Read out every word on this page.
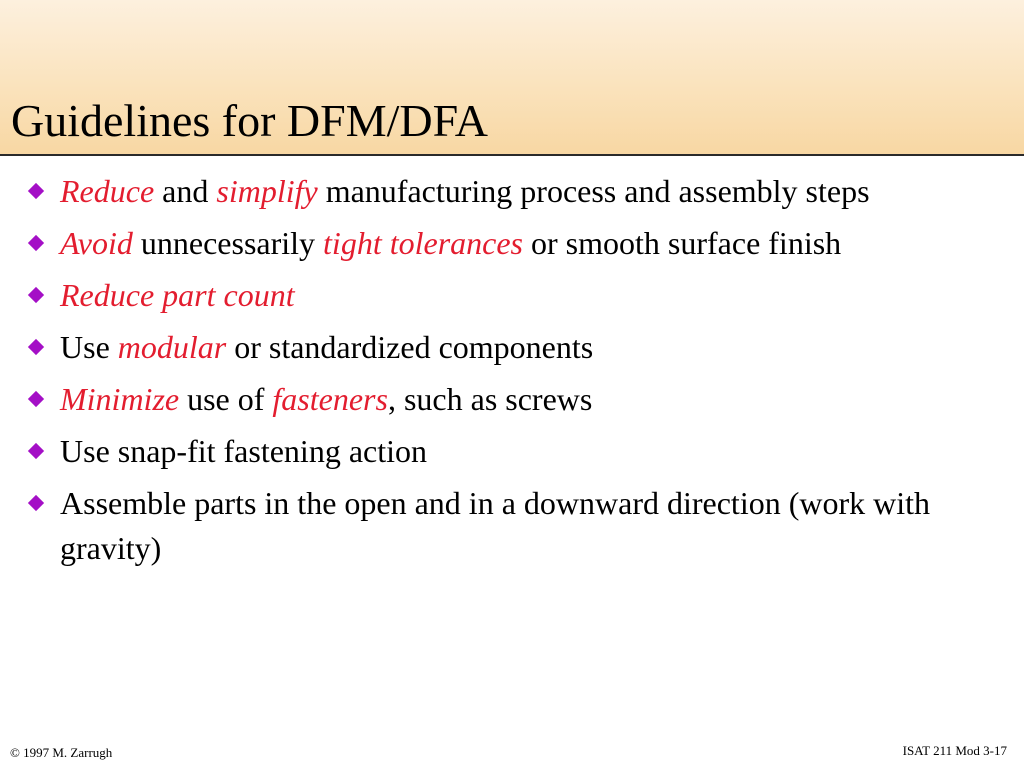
Guidelines for DFM/DFA
Reduce and simplify manufacturing process and assembly steps
Avoid unnecessarily tight tolerances or smooth surface finish
Reduce part count
Use modular or standardized components
Minimize use of fasteners, such as screws
Use snap-fit fastening action
Assemble parts in the open and in a downward direction (work with gravity)
© 1997 M. Zarrugh	ISAT 211 Mod 3-17
